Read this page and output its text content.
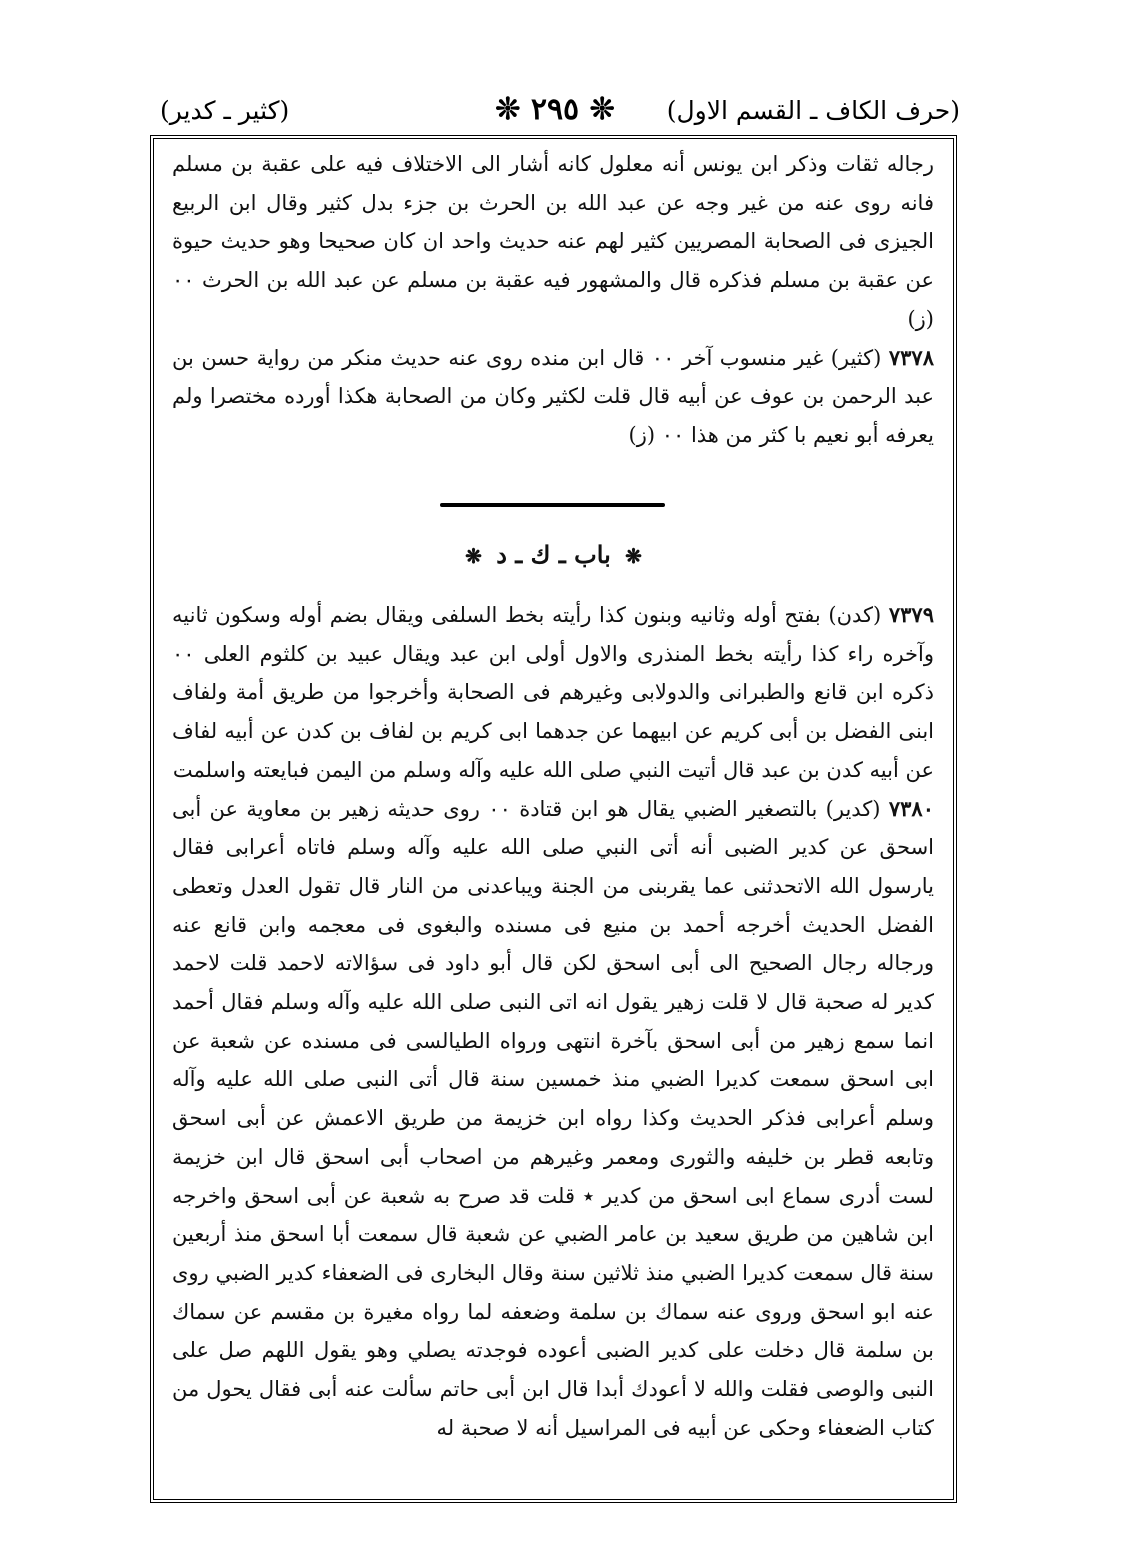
(حرف الكاف ـ القسم الاول)
❊ ٢٩٥ ❊
(كثير ـ كدير)

رجاله ثقات وذكر ابن يونس أنه معلول كانه أشار الى الاختلاف فيه على عقبة بن مسلم فانه روى عنه من غير وجه عن عبد الله بن الحرث بن جزء بدل كثير وقال ابن الربيع الجيزى فى الصحابة المصريين كثير لهم عنه حديث واحد ان كان صحيحا وهو حديث حيوة عن عقبة بن مسلم فذكره قال والمشهور فيه عقبة بن مسلم عن عبد الله بن الحرث ٠٠ (ز)

٧٣٧٨ (كثير) غير منسوب آخر ٠٠ قال ابن منده روى عنه حديث منكر من رواية حسن بن عبد الرحمن بن عوف عن أبيه قال قلت لكثير وكان من الصحابة هكذا أورده مختصرا ولم يعرفه أبو نعيم با كثر من هذا ٠٠ (ز)

❋ باب ـ ك ـ د ❋

٧٣٧٩ (كدن) بفتح أوله وثانيه وبنون كذا رأيته بخط السلفى ويقال بضم أوله وسكون ثانيه وآخره راء كذا رأيته بخط المنذرى والاول أولى ابن عبد ويقال عبيد بن كلثوم العلى ٠٠ ذكره ابن قانع والطبرانى والدولابى وغيرهم فى الصحابة وأخرجوا من طريق أمة ولفاف ابنى الفضل بن أبى كريم عن ابيهما عن جدهما ابى كريم بن لفاف بن كدن عن أبيه لفاف عن أبيه كدن بن عبد قال أتيت النبي صلى الله عليه وآله وسلم من اليمن فبايعته واسلمت

٧٣٨٠ (كدير) بالتصغير الضبي يقال هو ابن قتادة ٠٠ روى حديثه زهير بن معاوية عن أبى اسحق عن كدير الضبى أنه أتى النبي صلى الله عليه وآله وسلم فاتاه أعرابى فقال يارسول الله الاتحدثنى عما يقربنى من الجنة ويباعدنى من النار قال تقول العدل وتعطى الفضل الحديث أخرجه أحمد بن منيع فى مسنده والبغوى فى معجمه وابن قانع عنه ورجاله رجال الصحيح الى أبى اسحق لكن قال أبو داود فى سؤالاته لاحمد قلت لاحمد كدير له صحبة قال لا قلت زهير يقول انه اتى النبى صلى الله عليه وآله وسلم فقال أحمد انما سمع زهير من أبى اسحق بآخرة انتهى ورواه الطيالسى فى مسنده عن شعبة عن ابى اسحق سمعت كديرا الضبي منذ خمسين سنة قال أتى النبى صلى الله عليه وآله وسلم أعرابى فذكر الحديث وكذا رواه ابن خزيمة من طريق الاعمش عن أبى اسحق وتابعه قطر بن خليفه والثورى ومعمر وغيرهم من اصحاب أبى اسحق قال ابن خزيمة لست أدرى سماع ابى اسحق من كدير ٭ قلت قد صرح به شعبة عن أبى اسحق واخرجه ابن شاهين من طريق سعيد بن عامر الضبي عن شعبة قال سمعت أبا اسحق منذ أربعين سنة قال سمعت كديرا الضبي منذ ثلاثين سنة وقال البخارى فى الضعفاء كدير الضبي روى عنه ابو اسحق وروى عنه سماك بن سلمة وضعفه لما رواه مغيرة بن مقسم عن سماك بن سلمة قال دخلت على كدير الضبى أعوده فوجدته يصلي وهو يقول اللهم صل على النبى والوصى فقلت والله لا أعودك أبدا قال ابن أبى حاتم سألت عنه أبى فقال يحول من كتاب الضعفاء وحكى عن أبيه فى المراسيل أنه لا صحبة له
